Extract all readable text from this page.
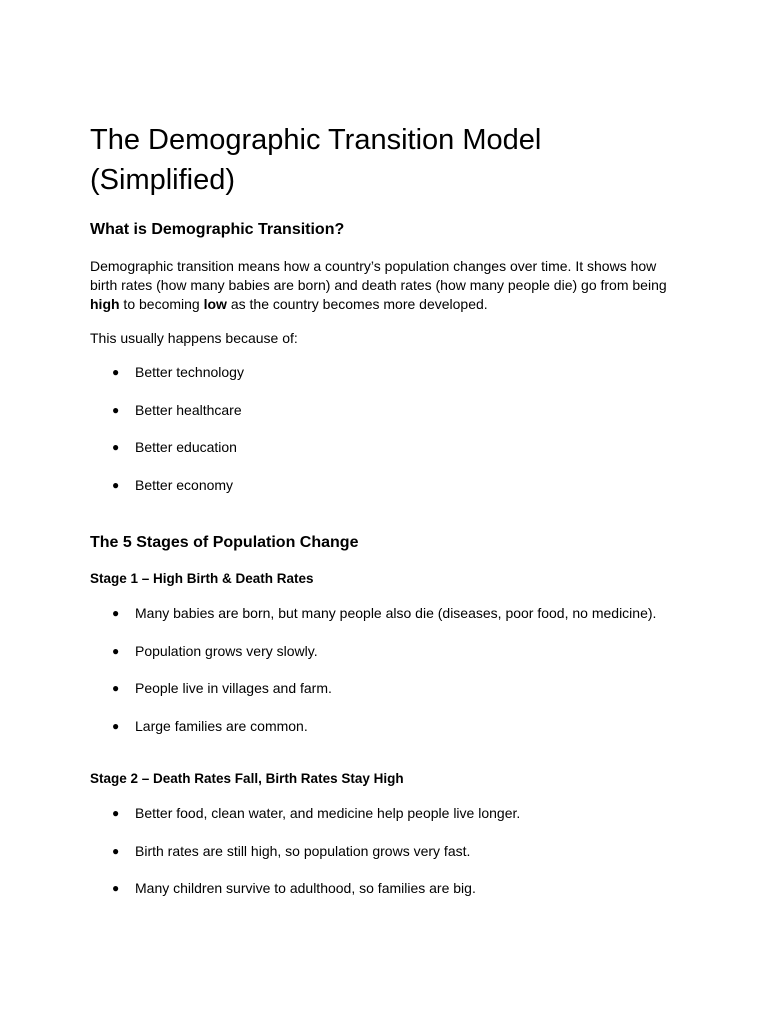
The Demographic Transition Model (Simplified)
What is Demographic Transition?

Demographic transition means how a country’s population changes over time. It shows how birth rates (how many babies are born) and death rates (how many people die) go from being high to becoming low as the country becomes more developed.

This usually happens because of:

● Better technology
● Better healthcare
● Better education
● Better economy
The 5 Stages of Population Change
Stage 1 – High Birth & Death Rates
● Many babies are born, but many people also die (diseases, poor food, no medicine).
● Population grows very slowly.
● People live in villages and farm.
● Large families are common.
Stage 2 – Death Rates Fall, Birth Rates Stay High
● Better food, clean water, and medicine help people live longer.
● Birth rates are still high, so population grows very fast.
● Many children survive to adulthood, so families are big.
